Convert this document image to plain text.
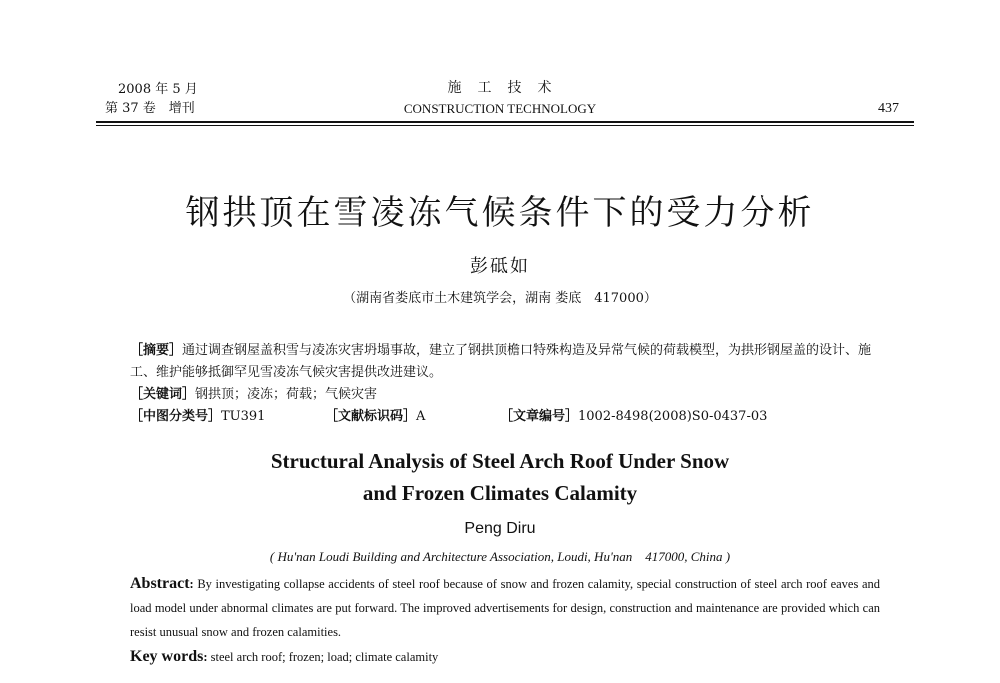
2008 年 5 月
第 37 卷　增刊
施　工　技　术
CONSTRUCTION TECHNOLOGY	437
钢拱顶在雪凌冻气候条件下的受力分析
彭砥如
（湖南省娄底市土木建筑学会，湖南 娄底　417000）
［摘要］通过调查钢屋盖积雪与凌冻灾害坍塌事故，建立了钢拱顶檐口特殊构造及异常气候的荷载模型，为拱形钢屋盖的设计、施工、维护能够抵御罕见雪凌冻气候灾害提供改进建议。
［关键词］钢拱顶；凌冻；荷载；气候灾害
［中图分类号］TU391	［文献标识码］A	［文章编号］1002-8498(2008)S0-0437-03
Structural Analysis of Steel Arch Roof Under Snow
and Frozen Climates Calamity
Peng Diru
( Hu'nan Loudi Building and Architecture Association, Loudi, Hu'nan　417000, China )
Abstract: By investigating collapse accidents of steel roof because of snow and frozen calamity, special construction of steel arch roof eaves and load model under abnormal climates are put forward. The improved advertisements for design, construction and maintenance are provided which can resist unusual snow and frozen calamities.
Key words: steel arch roof; frozen; load; climate calamity
